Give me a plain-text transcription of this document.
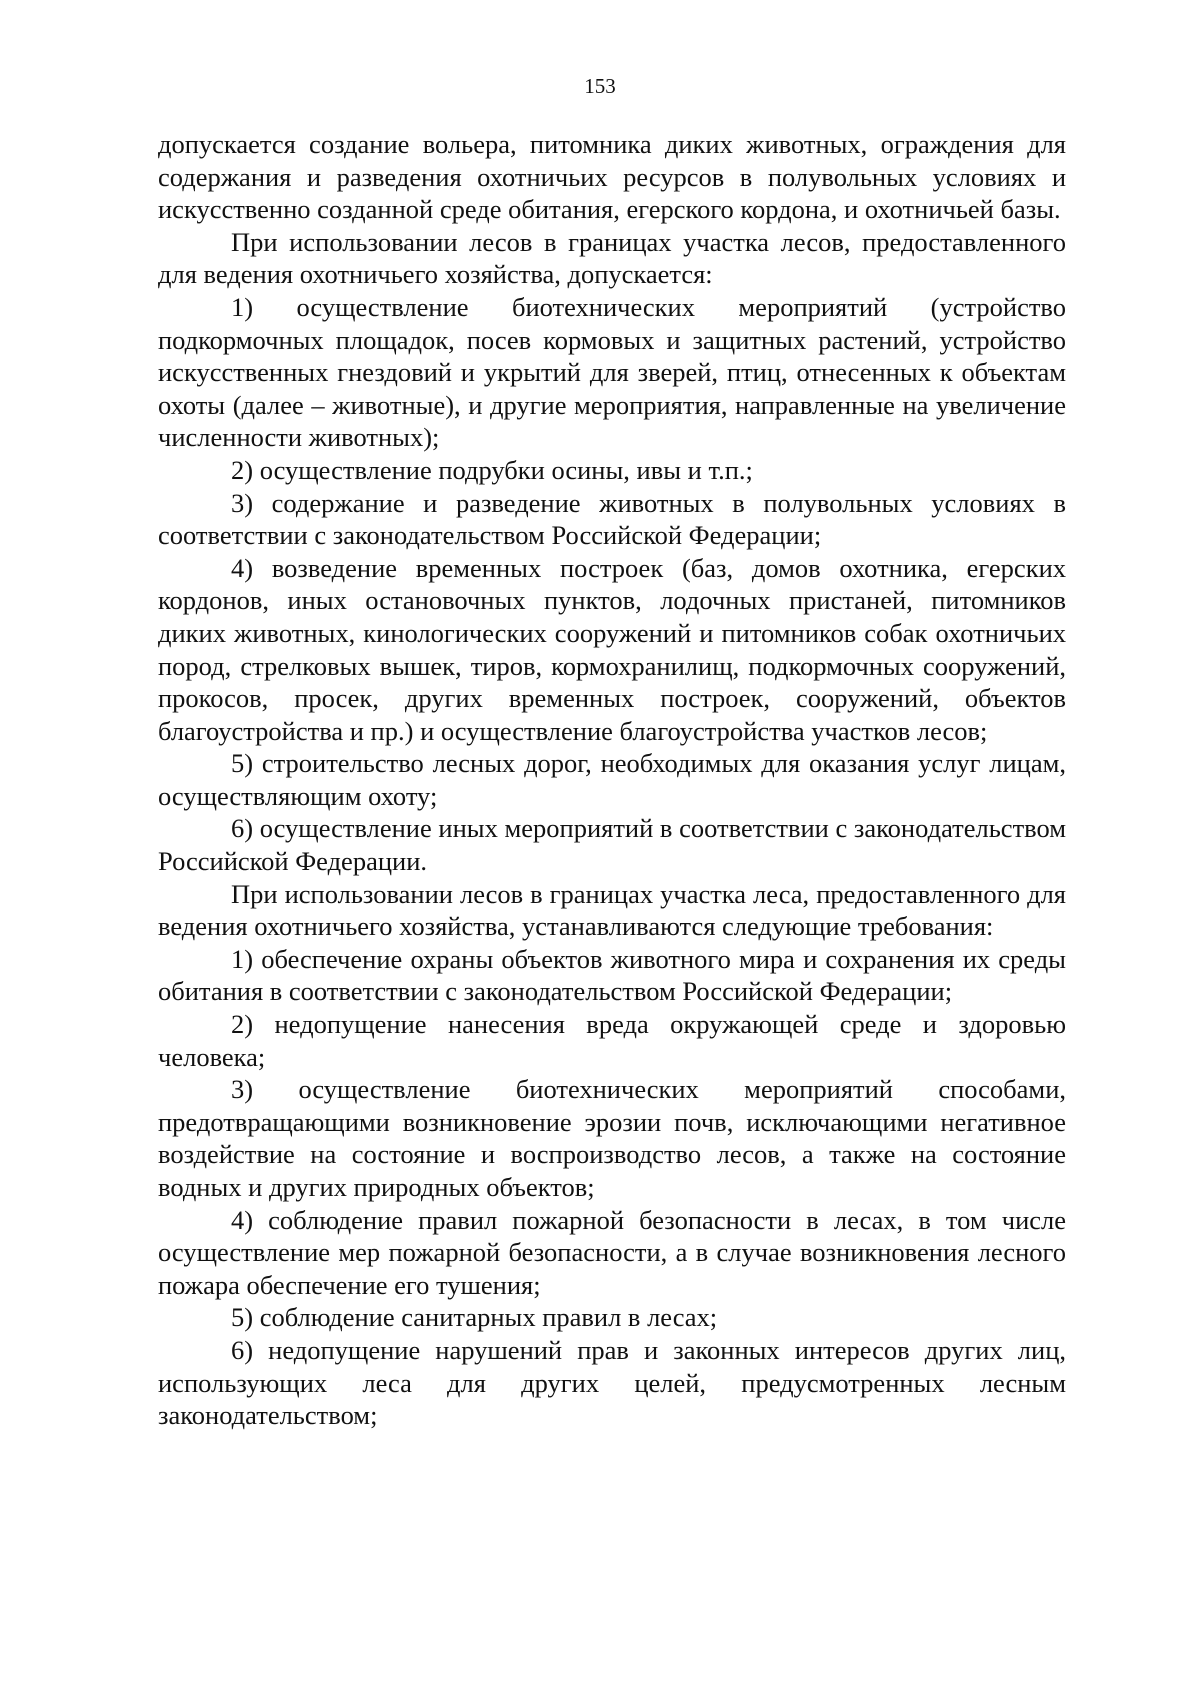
153

допускается создание вольера, питомника диких животных, ограждения для содержания и разведения охотничьих ресурсов в полувольных условиях и искусственно созданной среде обитания, егерского кордона, и охотничьей базы.

При использовании лесов в границах участка лесов, предоставленного для ведения охотничьего хозяйства, допускается:

1) осуществление биотехнических мероприятий (устройство подкормочных площадок, посев кормовых и защитных растений, устройство искусственных гнездовий и укрытий для зверей, птиц, отнесенных к объектам охоты (далее – животные), и другие мероприятия, направленные на увеличение численности животных);

2) осуществление подрубки осины, ивы и т.п.;

3) содержание и разведение животных в полувольных условиях в соответствии с законодательством Российской Федерации;

4) возведение временных построек (баз, домов охотника, егерских кордонов, иных остановочных пунктов, лодочных пристаней, питомников диких животных, кинологических сооружений и питомников собак охотничьих пород, стрелковых вышек, тиров, кормохранилищ, подкормочных сооружений, прокосов, просек, других временных построек, сооружений, объектов благоустройства и пр.) и осуществление благоустройства участков лесов;

5) строительство лесных дорог, необходимых для оказания услуг лицам, осуществляющим охоту;

6) осуществление иных мероприятий в соответствии с законодательством Российской Федерации.

При использовании лесов в границах участка леса, предоставленного для ведения охотничьего хозяйства, устанавливаются следующие требования:

1) обеспечение охраны объектов животного мира и сохранения их среды обитания в соответствии с законодательством Российской Федерации;

2) недопущение нанесения вреда окружающей среде и здоровью человека;

3) осуществление биотехнических мероприятий способами, предотвращающими возникновение эрозии почв, исключающими негативное воздействие на состояние и воспроизводство лесов, а также на состояние водных и других природных объектов;

4) соблюдение правил пожарной безопасности в лесах, в том числе осуществление мер пожарной безопасности, а в случае возникновения лесного пожара обеспечение его тушения;

5) соблюдение санитарных правил в лесах;

6) недопущение нарушений прав и законных интересов других лиц, использующих леса для других целей, предусмотренных лесным законодательством;
